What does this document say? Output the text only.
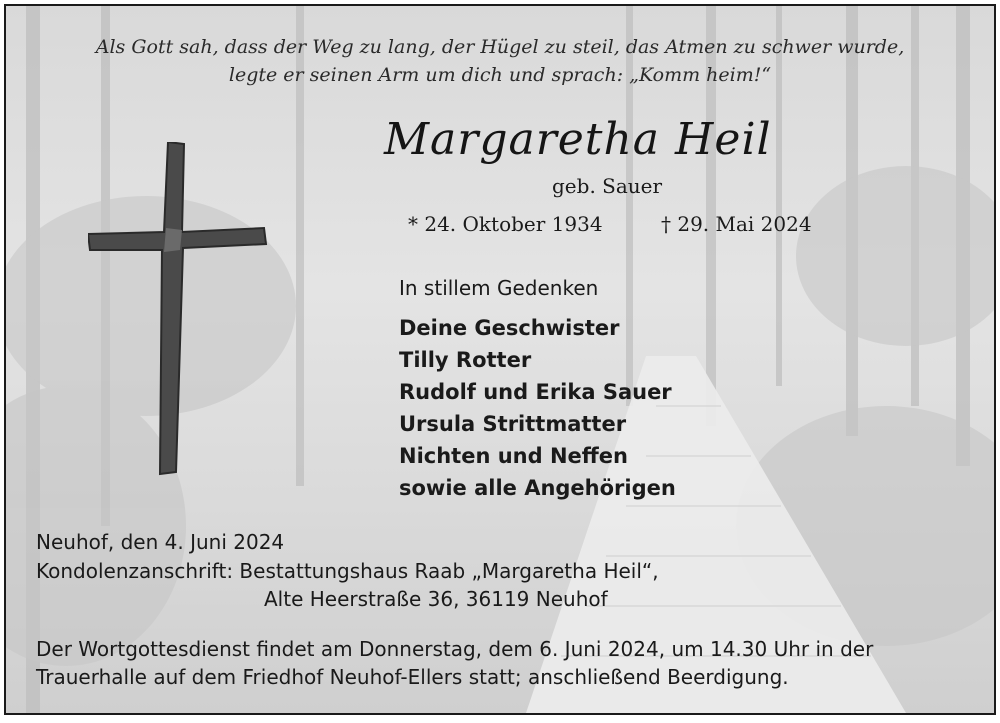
Als Gott sah, dass der Weg zu lang, der Hügel zu steil, das Atmen zu schwer wurde,
legte er seinen Arm um dich und sprach: „Komm heim!“
Margaretha Heil
geb. Sauer
* 24. Oktober 1934	† 29. Mai 2024
In stillem Gedenken
Deine Geschwister
Tilly Rotter
Rudolf und Erika Sauer
Ursula Strittmatter
Nichten und Neffen
sowie alle Angehörigen
Neuhof, den 4. Juni 2024
Kondolenzanschrift: Bestattungshaus Raab „Margaretha Heil“,
Alte Heerstraße 36, 36119 Neuhof
Der Wortgottesdienst findet am Donnerstag, dem 6. Juni 2024, um 14.30 Uhr in der
Trauerhalle auf dem Friedhof Neuhof-Ellers statt; anschließend Beerdigung.
